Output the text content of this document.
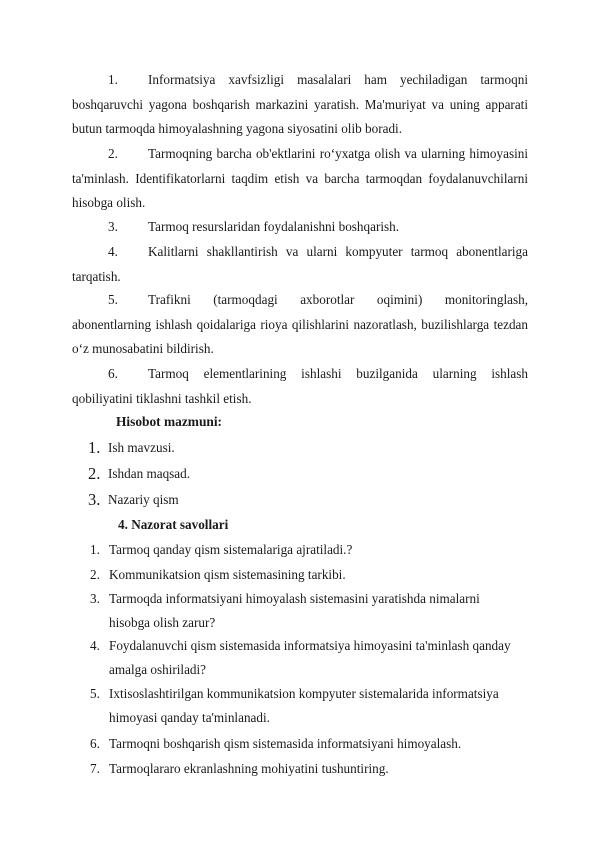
1. Informatsiya xavfsizligi masalalari ham yechiladigan tarmoqni boshqaruvchi yagona boshqarish markazini yaratish. Ma'muriyat va uning apparati butun tarmoqda himoyalashning yagona siyosatini olib boradi.

2. Tarmoqning barcha ob'ektlarini ro‘yxatga olish va ularning himoyasini ta'minlash. Identifikatorlarni taqdim etish va barcha tarmoqdan foydalanuvchilarni hisobga olish.

3. Tarmoq resurslaridan foydalanishni boshqarish.

4. Kalitlarni shakllantirish va ularni kompyuter tarmoq abonentlariga tarqatish.

5. Trafikni (tarmoqdagi axborotlar oqimini) monitoringlash, abonentlarning ishlash qoidalariga rioya qilishlarini nazoratlash, buzilishlarga tezdan o‘z munosabatini bildirish.

6. Tarmoq elementlarining ishlashi buzilganida ularning ishlash qobiliyatini tiklashni tashkil etish.

Hisobot mazmuni:
1. Ish mavzusi.
2. Ishdan maqsad.
3. Nazariy qism
4. Nazorat savollari
1. Tarmoq qanday qism sistemalariga ajratiladi.?
2. Kommunikatsion qism sistemasining tarkibi.
3. Tarmoqda informatsiyani himoyalash sistemasini yaratishda nimalarni hisobga olish zarur?
4. Foydalanuvchi qism sistemasida informatsiya himoyasini ta'minlash qanday amalga oshiriladi?
5. Ixtisoslashtirilgan kommunikatsion kompyuter sistemalarida informatsiya himoyasi qanday ta'minlanadi.
6. Tarmoqni boshqarish qism sistemasida informatsiyani himoyalash.
7. Tarmoqlararo ekranlashning mohiyatini tushuntiring.
